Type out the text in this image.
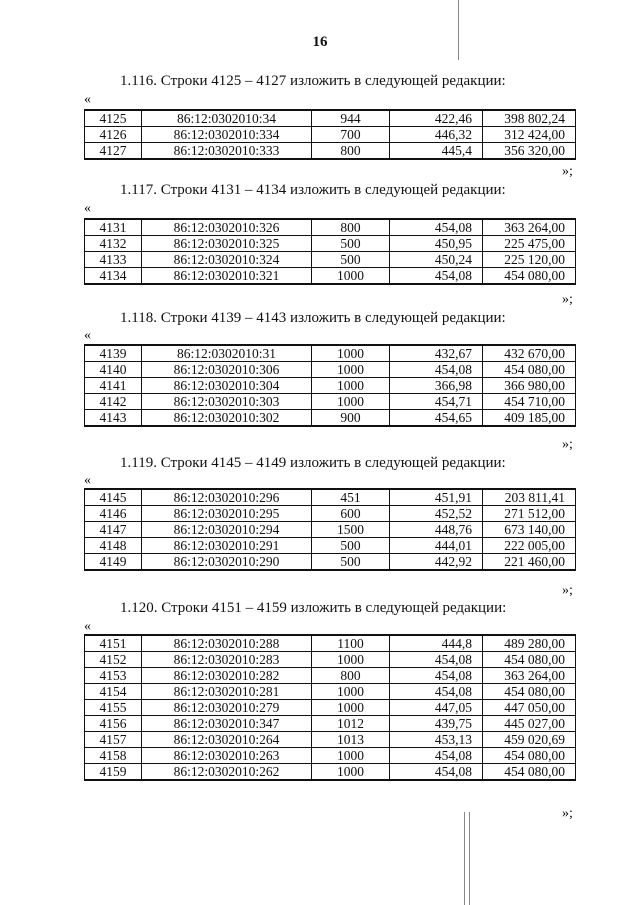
16
1.116. Строки 4125 – 4127 изложить в следующей редакции:
«
4125	86:12:0302010:34	944	422,46	398 802,24
4126	86:12:0302010:334	700	446,32	312 424,00
4127	86:12:0302010:333	800	445,4	356 320,00
»;
1.117. Строки 4131 – 4134 изложить в следующей редакции:
«
4131	86:12:0302010:326	800	454,08	363 264,00
4132	86:12:0302010:325	500	450,95	225 475,00
4133	86:12:0302010:324	500	450,24	225 120,00
4134	86:12:0302010:321	1000	454,08	454 080,00
»;
1.118. Строки 4139 – 4143 изложить в следующей редакции:
«
4139	86:12:0302010:31	1000	432,67	432 670,00
4140	86:12:0302010:306	1000	454,08	454 080,00
4141	86:12:0302010:304	1000	366,98	366 980,00
4142	86:12:0302010:303	1000	454,71	454 710,00
4143	86:12:0302010:302	900	454,65	409 185,00
»;
1.119. Строки 4145 – 4149 изложить в следующей редакции:
«
4145	86:12:0302010:296	451	451,91	203 811,41
4146	86:12:0302010:295	600	452,52	271 512,00
4147	86:12:0302010:294	1500	448,76	673 140,00
4148	86:12:0302010:291	500	444,01	222 005,00
4149	86:12:0302010:290	500	442,92	221 460,00
»;
1.120. Строки 4151 – 4159 изложить в следующей редакции:
«
4151	86:12:0302010:288	1100	444,8	489 280,00
4152	86:12:0302010:283	1000	454,08	454 080,00
4153	86:12:0302010:282	800	454,08	363 264,00
4154	86:12:0302010:281	1000	454,08	454 080,00
4155	86:12:0302010:279	1000	447,05	447 050,00
4156	86:12:0302010:347	1012	439,75	445 027,00
4157	86:12:0302010:264	1013	453,13	459 020,69
4158	86:12:0302010:263	1000	454,08	454 080,00
4159	86:12:0302010:262	1000	454,08	454 080,00
»;
